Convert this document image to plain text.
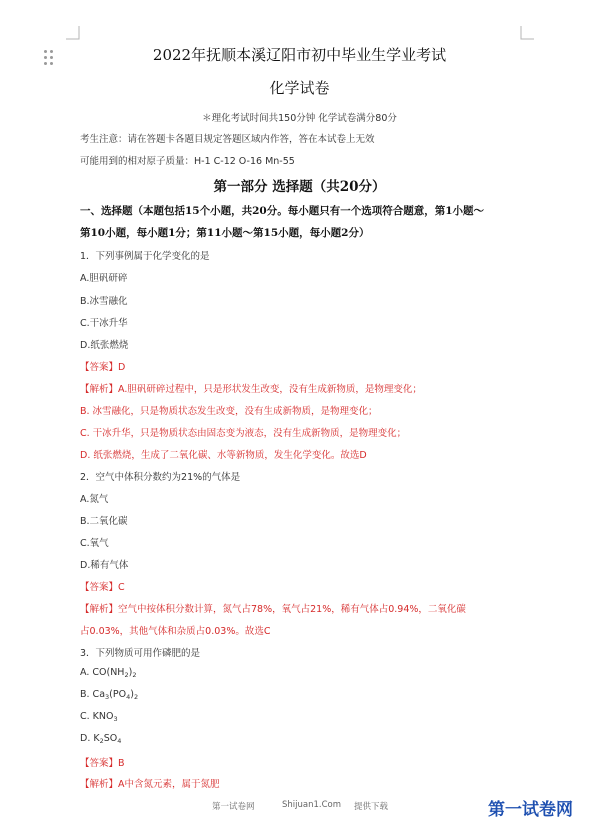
2022年抚顺本溪辽阳市初中毕业生学业考试
化学试卷
＊理化考试时间共150分钟 化学试卷满分80分
考生注意：请在答题卡各题目规定答题区域内作答，答在本试卷上无效
可能用到的相对原子质量：H-1 C-12 O-16 Mn-55
第一部分 选择题（共20分）
一、选择题（本题包括15个小题，共20分。每小题只有一个选项符合题意，第1小题～
第10小题，每小题1分；第11小题～第15小题，每小题2分）
1．下列事例属于化学变化的是
A.胆矾研碎
B.冰雪融化
C.干冰升华
D.纸张燃烧
【答案】D
【解析】A.胆矾研碎过程中，只是形状发生改变，没有生成新物质，是物理变化；
B. 冰雪融化，只是物质状态发生改变，没有生成新物质，是物理变化；
C. 干冰升华，只是物质状态由固态变为液态，没有生成新物质，是物理变化；
D. 纸张燃烧，生成了二氧化碳、水等新物质，发生化学变化。故选D
2．空气中体积分数约为21%的气体是
A.氮气
B.二氧化碳
C.氧气
D.稀有气体
【答案】C
【解析】空气中按体积分数计算，氮气占78%，氧气占21%，稀有气体占0.94%，二氧化碳
占0.03%，其他气体和杂质占0.03%。故选C
3．下列物质可用作磷肥的是
A. $CO(NH_2)_2$
B. $Ca_3(PO_4)_2$
C. $KNO_3$
D. $K_2SO_4$
【答案】B
【解析】A中含氮元素，属于氮肥
第一试卷网	Shijuan1.Com 提供下载	第一试卷网
